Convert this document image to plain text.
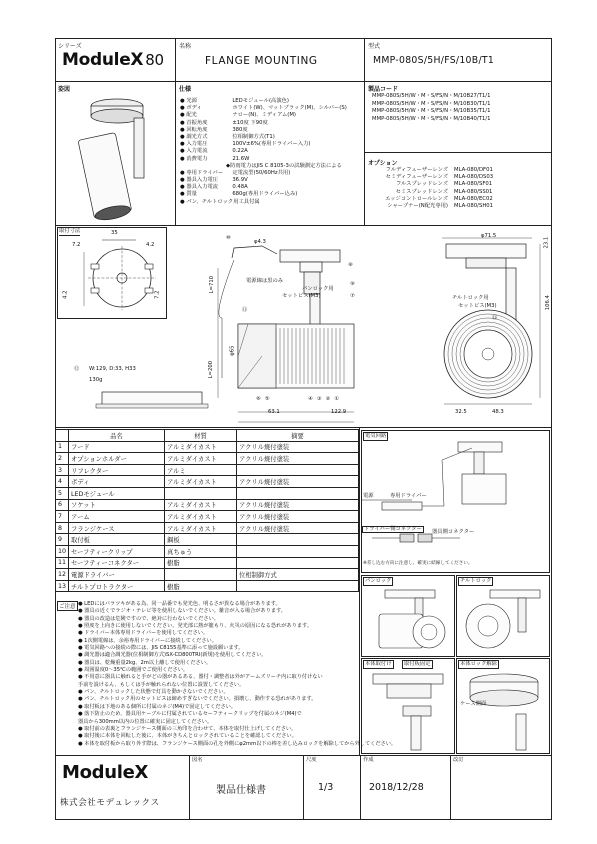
シリーズ
ModulеX 80
名称
FLANGE MOUNTING
型式
MMP-080S/5H/FS/10B/T1
姿図	仕様
● 光源	LEDモジュール(高演色)
● ボディ	ホワイト(W)、マットブラック(M)、シルバー(S)
● 配光	ナロー(N)、ミディアム(M)
● 首振角度	±10度 下90度
● 回転角度	380度
● 調光方式	位相制御方式(T1)
● 入力電圧	100V±6%(専用ドライバー入力)
● 入力電流	0.22A
● 消費電力	21.6W
◆防雨電力はJIS C 8105-3の試験測定方法による
● 専用ドライバー 定電流型(50/60Hz共用)
● 器具入力電圧	36.9V
● 器具入力電流	0.48A
● 質量	680g(専用ドライバー込み)
● パン、チルトロック用工具付属
製品コード
MMP-080S/5H/W・M・S/FS/N・M/10B27/T1/1
MMP-080S/5H/W・M・S/FS/N・M/10B30/T1/1
MMP-080S/5H/W・M・S/FS/N・M/10B35/T1/1
MMP-080S/5H/W・M・S/FS/N・M/10B40/T1/1
オプション
フルディフューザーレンズ MLA-080/DF01
セミディフューザーレンズ MLA-080/DS03
フルスプレッドレンズ MLA-080/SF01
セミスプレッドレンズ MLA-080/SS01
エッジコントロールレンズ MLA-080/EC02
シャープナー(N配光専用) MLA-080/SH01
取付寸法	35
7.2	4.2
4.2	7.2
⑩
φ4.3
電源線は黒のみ
L=710
⑧
パンロック用
セットビス(M3)
⑨
⑦
⑪
φ65
L=200
⑫ W:129, D:33, H33
130g
⑥⑤	④③②①
63.1	122.9
φ71.5
23.1
チルトロック用
セットビス(M3)	106.4
⑬
32.5	48.3
	品名	材質	摘要
1	フード	アルミダイカスト	アクリル焼付塗装
2	オプションホルダー	アルミダイカスト	アクリル焼付塗装
3	リフレクター	アルミ	
4	ボディ	アルミダイカスト	アクリル焼付塗装
5	LEDモジュール		
6	ソケット	アルミダイカスト	アクリル焼付塗装
7	アーム	アルミダイカスト	アクリル焼付塗装
8	フランジケース	アルミダイカスト	アクリル焼付塗装
9	取付板	鋼板	
10	セーフティークリップ	真ちゅう	
11	セーフティーコネクター	樹脂	
12	電源ドライバー		位相制御方式
13	チルトプロトラクター	樹脂	
ご注意 ● LEDにはバラツキがある為、同一品番でも発光色、明るさが異なる場合があります。
● 器具の近くでラジオ・テレビ等を使用しないでください。雑音が入る場合があります。
● 器具の改造は危険ですので、絶対に行わないでください。
● 照度を上向きに使用しないでください。発光部に熱が籠もり、火災の原因になる恐れがあります。
● ドライバー本体専用ドライバーを使用してください。
● 1次側電線は、余裕専用ドライバーに接続してください。
● 電気回路への接続の際には、JIS C8155基準に添って施設願います。
● 調光器は適合調光器(位相制御方式)SX-CD800TRI(新規)を使用してください。
● 器具は、乾燥重量2kg、2m以上離して使用ください。
● 周囲温度0〜35℃の範囲でご使用ください。
● 不用意に器具に触れると手がどの器があるある、器付・調整者は外がアームズリーチ内に取り付けない
手前を設けるん、もしくは手が触れられない位置に設置してください。
● パン、チルトロックした状態で灯具を動かさないでください。
● パン、チルトロック用のセットビスは締めすぎないでください。損壊し、動作する恐れがあります。
● 取付板は下地のある個所に付属のネジ(M4)で固定してください。
● 落下防止のため、器具用ケーブルに付属されているセーフティークリップを付属のネジ(M4)で
器具から300mm以内の位置に確実に固定してください。
● 取付前の表裏とフランジケース側面の三角印を合わせて、本体を取付仕上げしてください。
● 取付後に本体を回転した後に、本体がきちんとロックされていることを確認してください。
● 本体を取付板から取り外す際は、フランジケース側面の孔を外側にφ2mm以下の棒を差し込みロックを解除してから外してください。
電気回路
電源	専用ドライバー
ドライバー側コネクター	器具側コネクター
※差し込む方向に注意し、確実に結線してください。
パンロック	チルトロック
本体取付け	取付板固定	本体ロック解除
ケース側面
ModuleX
株式会社モデュレックス
図名
製品仕様書
尺度
1/3
作成
2018/12/28
改訂
